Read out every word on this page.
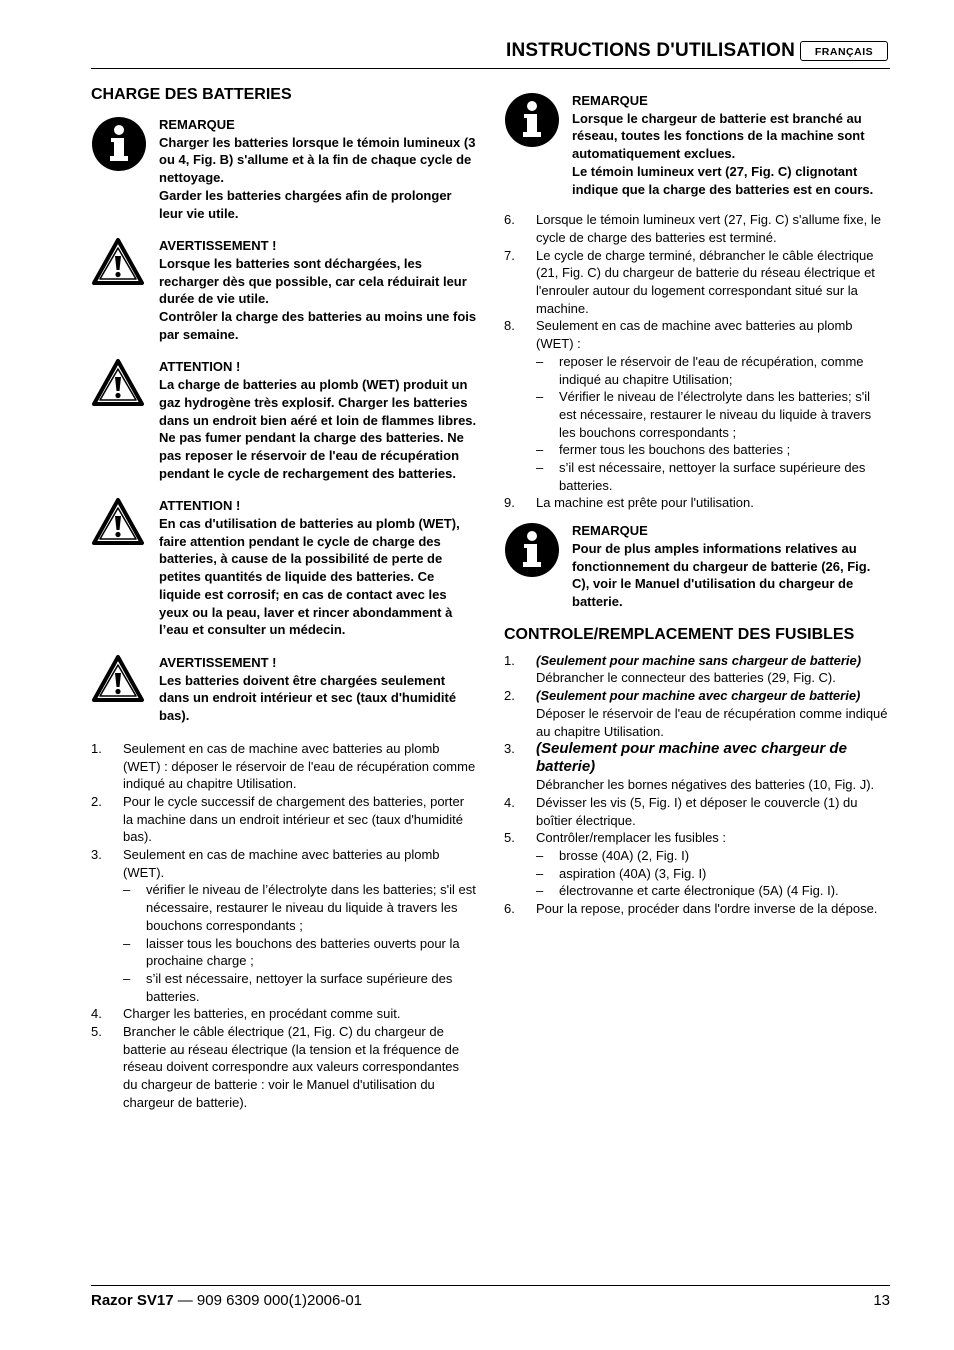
INSTRUCTIONS D'UTILISATION	FRANÇAIS
CHARGE DES BATTERIES
REMARQUE
Charger les batteries lorsque le témoin lumineux (3 ou 4, Fig. B) s'allume et à la fin de chaque cycle de nettoyage.
Garder les batteries chargées afin de prolonger leur vie utile.
AVERTISSEMENT !
Lorsque les batteries sont déchargées, les recharger dès que possible, car cela réduirait leur durée de vie utile.
Contrôler la charge des batteries au moins une fois par semaine.
ATTENTION !
La charge de batteries au plomb (WET) produit un gaz hydrogène très explosif. Charger les batteries dans un endroit bien aéré et loin de flammes libres.
Ne pas fumer pendant la charge des batteries. Ne pas reposer le réservoir de l'eau de récupération pendant le cycle de rechargement des batteries.
ATTENTION !
En cas d'utilisation de batteries au plomb (WET), faire attention pendant le cycle de charge des batteries, à cause de la possibilité de perte de petites quantités de liquide des batteries. Ce liquide est corrosif; en cas de contact avec les yeux ou la peau, laver et rincer abondamment à l’eau et consulter un médecin.
AVERTISSEMENT !
Les batteries doivent être chargées seulement dans un endroit intérieur et sec (taux d'humidité bas).
1. Seulement en cas de machine avec batteries au plomb (WET) : déposer le réservoir de l'eau de récupération comme indiqué au chapitre Utilisation.
2. Pour le cycle successif de chargement des batteries, porter la machine dans un endroit intérieur et sec (taux d'humidité bas).
3. Seulement en cas de machine avec batteries au plomb (WET).
– vérifier le niveau de l’électrolyte dans les batteries; s'il est nécessaire, restaurer le niveau du liquide à travers les bouchons correspondants ;
– laisser tous les bouchons des batteries ouverts pour la prochaine charge ;
– s’il est nécessaire, nettoyer la surface supérieure des batteries.
4. Charger les batteries, en procédant comme suit.
5. Brancher le câble électrique (21, Fig. C) du chargeur de batterie au réseau électrique (la tension et la fréquence de réseau doivent correspondre aux valeurs correspondantes du chargeur de batterie : voir le Manuel d'utilisation du chargeur de batterie).
REMARQUE
Lorsque le chargeur de batterie est branché au réseau, toutes les fonctions de la machine sont automatiquement exclues.
Le témoin lumineux vert (27, Fig. C) clignotant indique que la charge des batteries est en cours.
6. Lorsque le témoin lumineux vert (27, Fig. C) s'allume fixe, le cycle de charge des batteries est terminé.
7. Le cycle de charge terminé, débrancher le câble électrique (21, Fig. C) du chargeur de batterie du réseau électrique et l'enrouler autour du logement correspondant situé sur la machine.
8. Seulement en cas de machine avec batteries au plomb (WET) :
– reposer le réservoir de l'eau de récupération, comme indiqué au chapitre Utilisation;
– Vérifier le niveau de l’électrolyte dans les batteries; s'il est nécessaire, restaurer le niveau du liquide à travers les bouchons correspondants ;
– fermer tous les bouchons des batteries ;
– s’il est nécessaire, nettoyer la surface supérieure des batteries.
9. La machine est prête pour l'utilisation.
REMARQUE
Pour de plus amples informations relatives au fonctionnement du chargeur de batterie (26, Fig. C), voir le Manuel d'utilisation du chargeur de batterie.
CONTROLE/REMPLACEMENT DES FUSIBLES
1. (Seulement pour machine sans chargeur de batterie)
Débrancher le connecteur des batteries (29, Fig. C).
2. (Seulement pour machine avec chargeur de batterie)
Déposer le réservoir de l'eau de récupération comme indiqué au chapitre Utilisation.
3. (Seulement pour machine avec chargeur de batterie)
Débrancher les bornes négatives des batteries (10, Fig. J).
4. Dévisser les vis (5, Fig. I) et déposer le couvercle (1) du boîtier électrique.
5. Contrôler/remplacer les fusibles :
– brosse (40A) (2, Fig. I)
– aspiration (40A) (3, Fig. I)
– électrovanne et carte électronique (5A) (4 Fig. I).
6. Pour la repose, procéder dans l'ordre inverse de la dépose.
Razor SV17 — 909 6309 000(1)2006-01	13
